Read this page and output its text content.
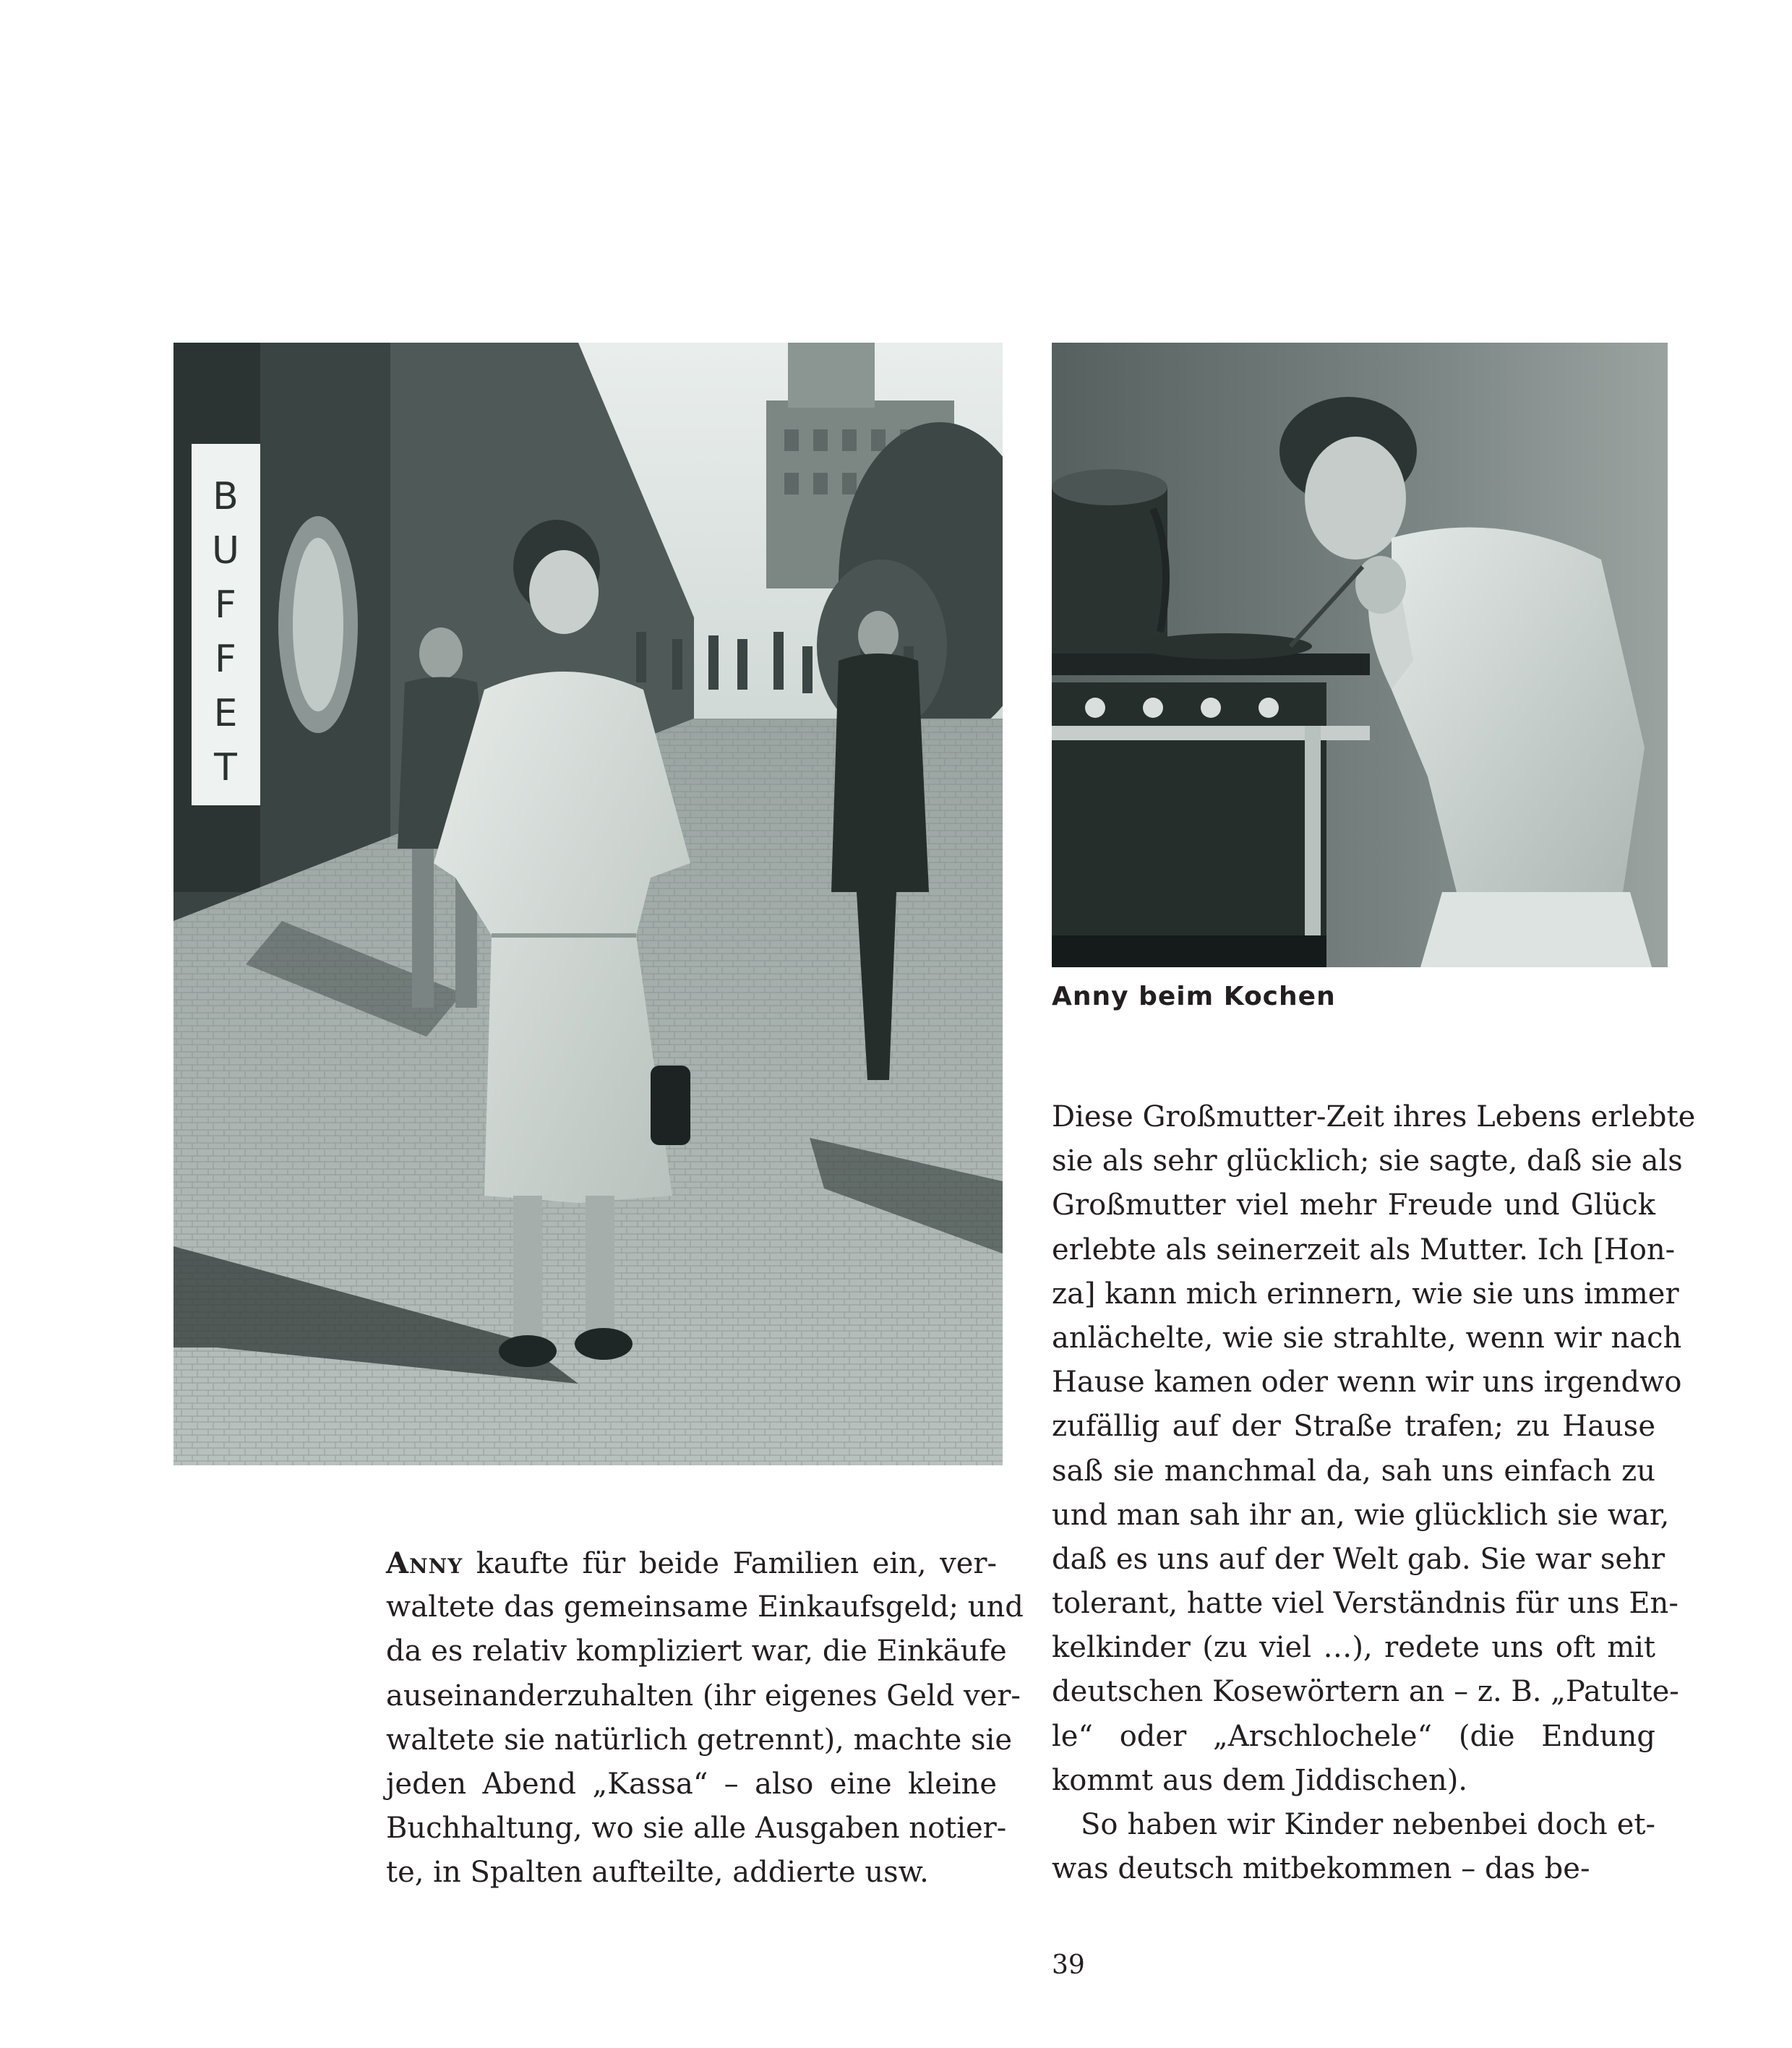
B
U
F
F
E
T
Anny beim Kochen
Anny kaufte für beide Familien ein, ver-
waltete das gemeinsame Einkaufsgeld; und
da es relativ kompliziert war, die Einkäufe
auseinanderzuhalten (ihr eigenes Geld ver-
waltete sie natürlich getrennt), machte sie
jeden Abend „Kassa“ – also eine kleine
Buchhaltung, wo sie alle Ausgaben notier-
te, in Spalten aufteilte, addierte usw.
Diese Großmutter-Zeit ihres Lebens erlebte
sie als sehr glücklich; sie sagte, daß sie als
Großmutter viel mehr Freude und Glück
erlebte als seinerzeit als Mutter. Ich [Hon-
za] kann mich erinnern, wie sie uns immer
anlächelte, wie sie strahlte, wenn wir nach
Hause kamen oder wenn wir uns irgendwo
zufällig auf der Straße trafen; zu Hause
saß sie manchmal da, sah uns einfach zu
und man sah ihr an, wie glücklich sie war,
daß es uns auf der Welt gab. Sie war sehr
tolerant, hatte viel Verständnis für uns En-
kelkinder (zu viel …), redete uns oft mit
deutschen Kosewörtern an – z. B. „Patulte-
le“ oder „Arschlochele“ (die Endung
kommt aus dem Jiddischen).
So haben wir Kinder nebenbei doch et-
was deutsch mitbekommen – das be-
39
